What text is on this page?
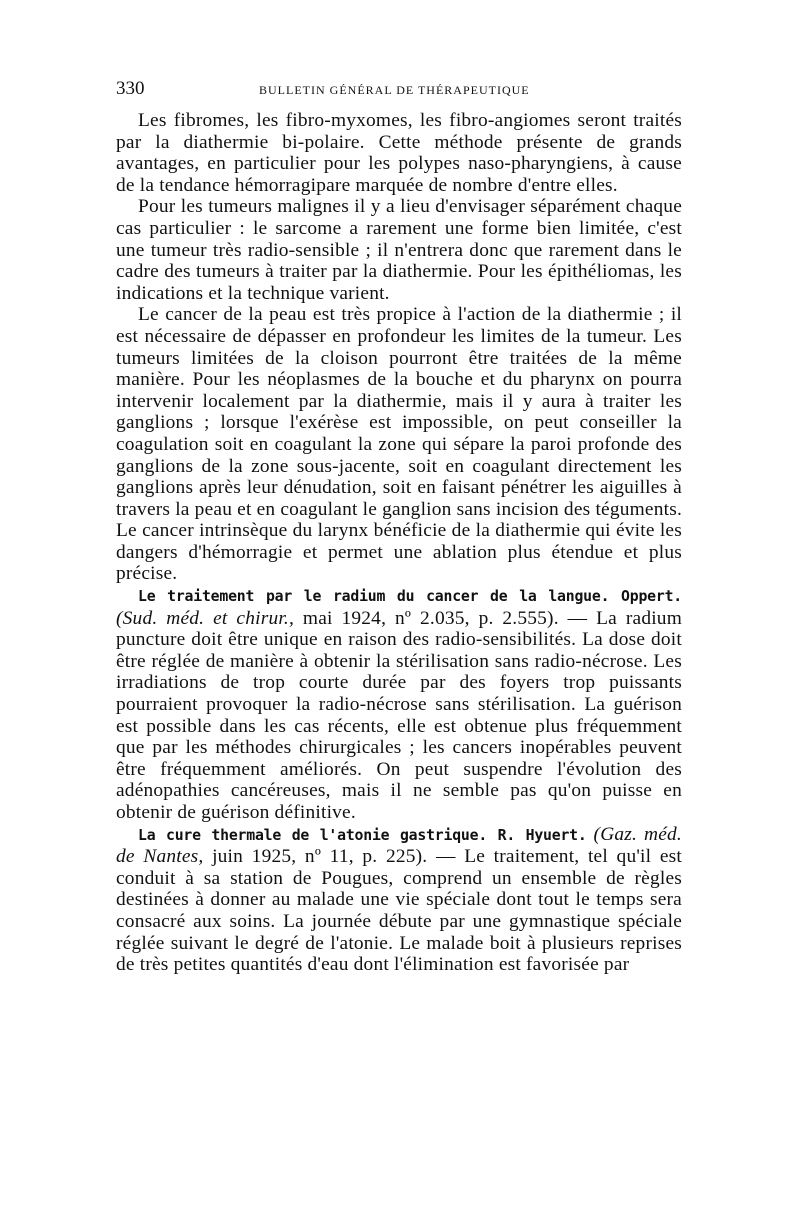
330	BULLETIN GÉNÉRAL DE THÉRAPEUTIQUE

Les fibromes, les fibro-myxomes, les fibro-angiomes seront traités par la diathermie bi-polaire. Cette méthode présente de grands avantages, en particulier pour les polypes naso-pharyngiens, à cause de la tendance hémorragipare marquée de nombre d'entre elles.

Pour les tumeurs malignes il y a lieu d'envisager séparément chaque cas particulier : le sarcome a rarement une forme bien limitée, c'est une tumeur très radio-sensible ; il n'entrera donc que rarement dans le cadre des tumeurs à traiter par la diathermie. Pour les épithéliomas, les indications et la technique varient.

Le cancer de la peau est très propice à l'action de la diathermie ; il est nécessaire de dépasser en profondeur les limites de la tumeur. Les tumeurs limitées de la cloison pourront être traitées de la même manière. Pour les néoplasmes de la bouche et du pharynx on pourra intervenir localement par la diathermie, mais il y aura à traiter les ganglions ; lorsque l'exérèse est impossible, on peut conseiller la coagulation soit en coagulant la zone qui sépare la paroi profonde des ganglions de la zone sous-jacente, soit en coagulant directement les ganglions après leur dénudation, soit en faisant pénétrer les aiguilles à travers la peau et en coagulant le ganglion sans incision des téguments. Le cancer intrinsèque du larynx bénéficie de la diathermie qui évite les dangers d'hémorragie et permet une ablation plus étendue et plus précise.

Le traitement par le radium du cancer de la langue. Oppert. (Sud. méd. et chirur., mai 1924, nº 2.035, p. 2.555). — La radium puncture doit être unique en raison des radio-sensibilités. La dose doit être réglée de manière à obtenir la stérilisation sans radio-nécrose. Les irradiations de trop courte durée par des foyers trop puissants pourraient provoquer la radio-nécrose sans stérilisation. La guérison est possible dans les cas récents, elle est obtenue plus fréquemment que par les méthodes chirurgicales ; les cancers inopérables peuvent être fréquemment améliorés. On peut suspendre l'évolution des adénopathies cancéreuses, mais il ne semble pas qu'on puisse en obtenir de guérison définitive.

La cure thermale de l'atonie gastrique. R. Hyuert. (Gaz. méd. de Nantes, juin 1925, nº 11, p. 225). — Le traitement, tel qu'il est conduit à sa station de Pougues, comprend un ensemble de règles destinées à donner au malade une vie spéciale dont tout le temps sera consacré aux soins. La journée débute par une gymnastique spéciale réglée suivant le degré de l'atonie. Le malade boit à plusieurs reprises de très petites quantités d'eau dont l'élimination est favorisée par
